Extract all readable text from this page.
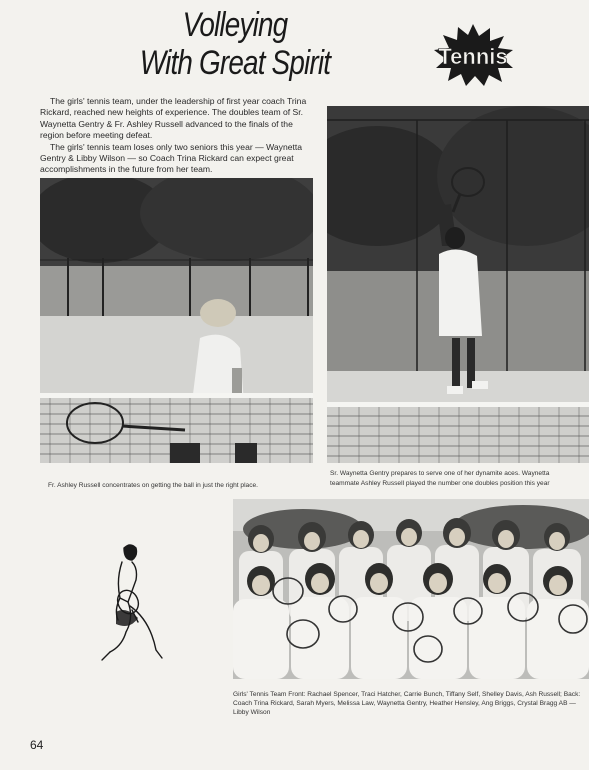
Volleying
With Great Spirit	Tennis

The girls' tennis team, under the leadership of first year coach Trina Rickard, reached new heights of experience. The doubles team of Sr. Waynetta Gentry & Fr. Ashley Russell advanced to the finals of the region before meeting defeat.

The girls' tennis team loses only two seniors this year — Waynetta Gentry & Libby Wilson — so Coach Trina Rickard can expect great accomplishments in the future from her team.

Fr. Ashley Russell concentrates on getting the ball in just the right place.
Sr. Waynetta Gentry prepares to serve one of her dynamite aces. Waynetta
teammate Ashley Russell played the number one doubles position this year
Girls' Tennis Team Front: Rachael Spencer, Traci Hatcher, Carrie Bunch, Tiffany Self, Shelley Davis, Ash Russell; Back: Coach Trina Rickard, Sarah Myers, Melissa Law, Waynetta Gentry, Heather Hensley, Ang Briggs, Crystal Bragg AB — Libby Wilson
64
